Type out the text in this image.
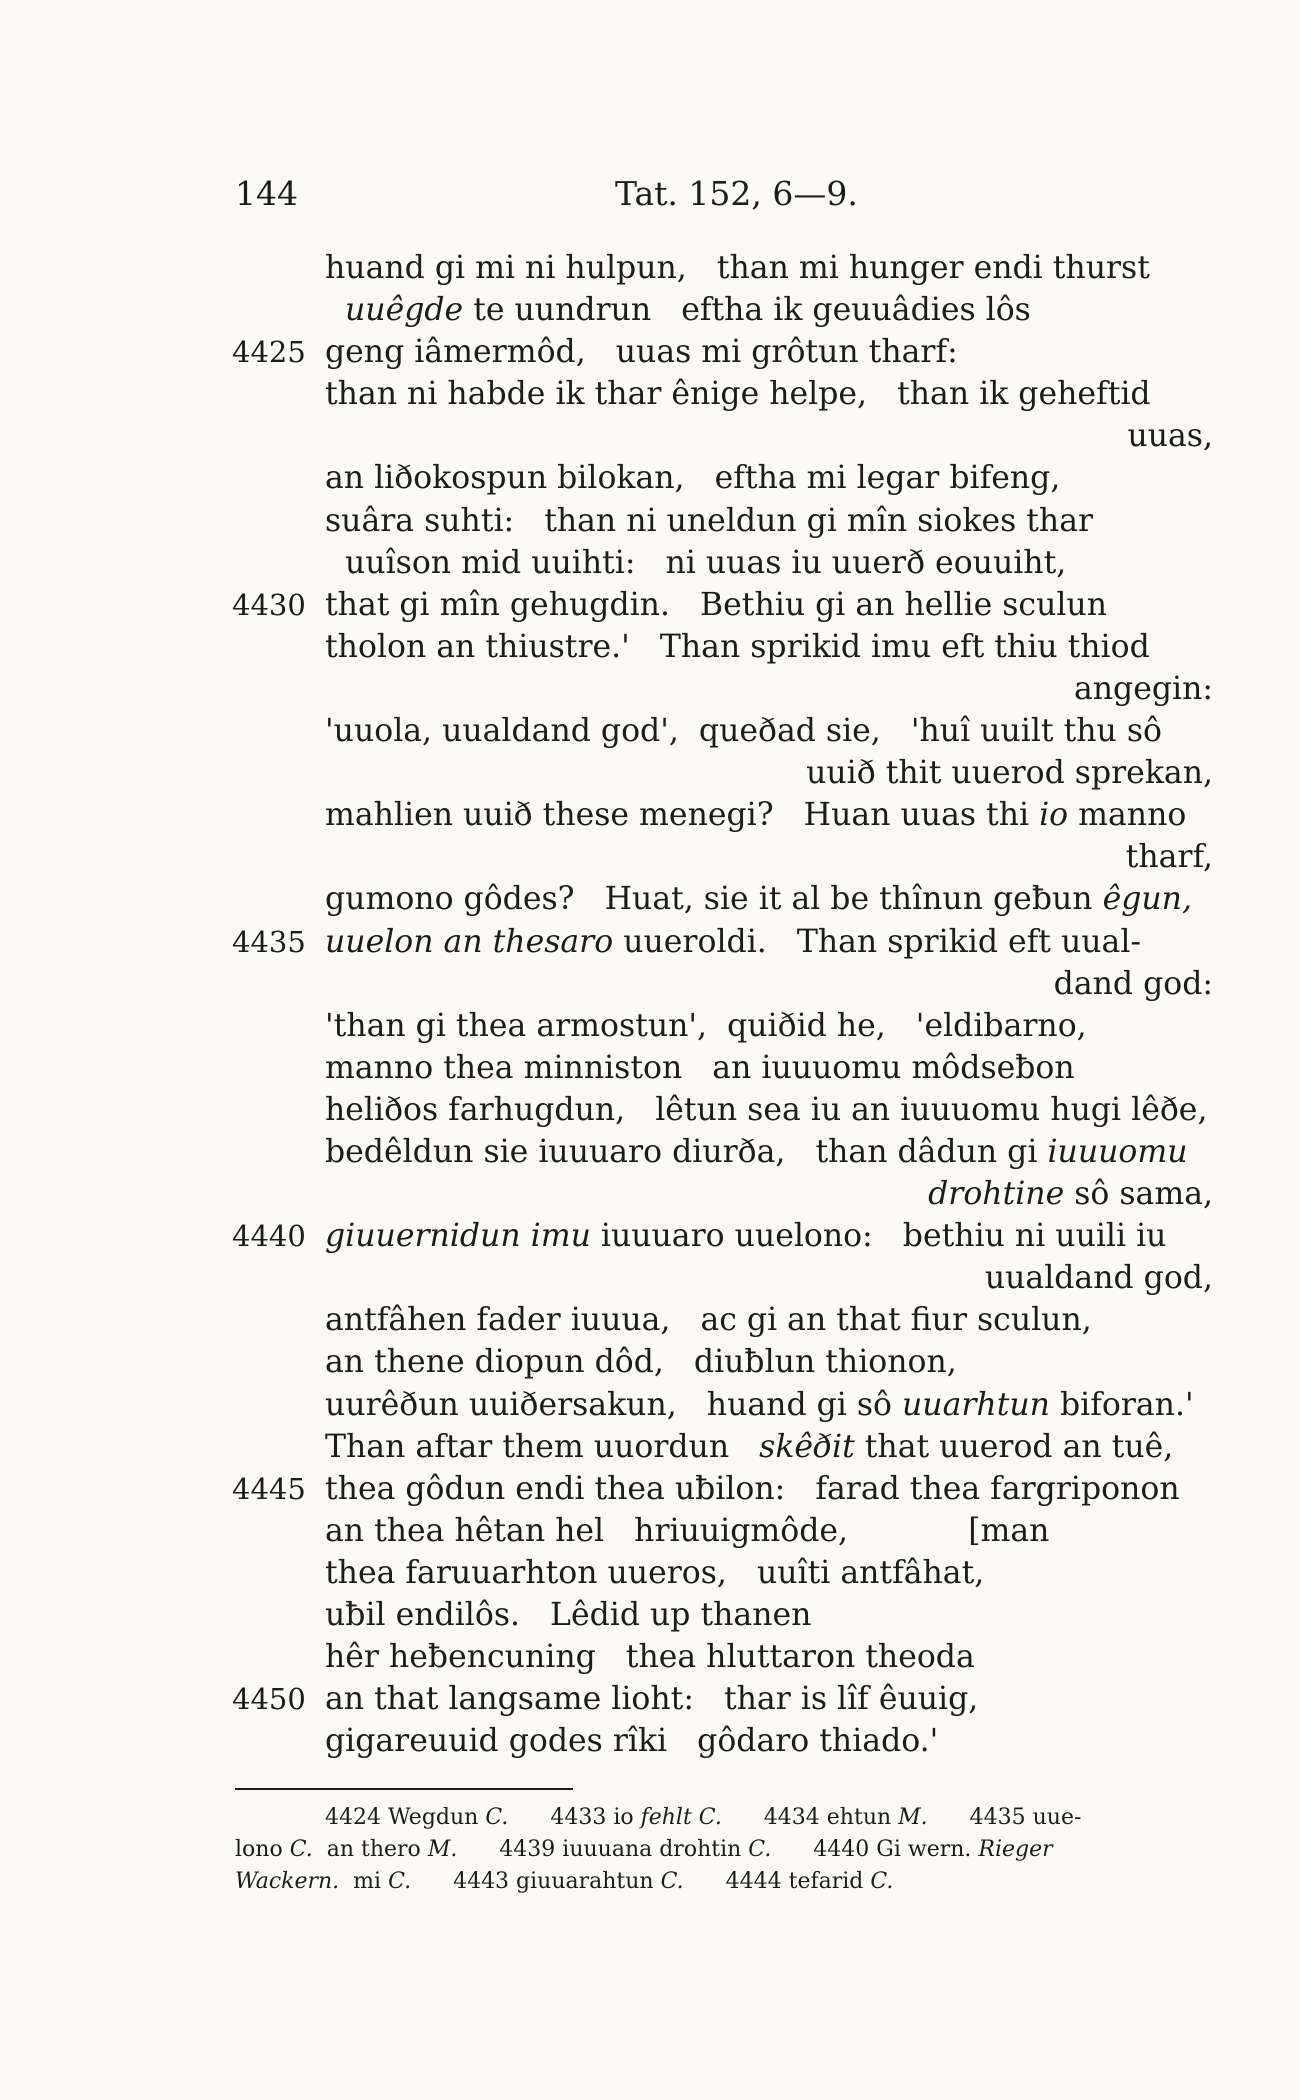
144	Tat. 152, 6—9.
huand gi mi ni hulpun,   than mi hunger endi thurst
uuêgde te uundrun   eftha ik geuuâdies lôs
4425 geng iâmermôd,   uuas mi grôtun tharf:
than ni habde ik thar ênige helpe,   than ik geheftid
uuas,
an liðokospun bilokan,   eftha mi legar bifeng,
suâra suhti:   than ni uneldun gi mîn siokes thar
uuîson mid uuihti:   ni uuas iu uuerð eouuiht,
4430 that gi mîn gehugdin.   Bethiu gi an hellie sculun
tholon an thiustre.'   Than sprikid imu eft thiu thiod
angegin:
'uuola, uualdand god',  queðad sie,   'huî uuilt thu sô
uuið thit uuerod sprekan,
mahlien uuið these menegi?   Huan uuas thi io manno
tharf,
gumono gôdes?   Huat, sie it al be thînun geƀun êgun,
4435 uuelon an thesaro uueroldi.   Than sprikid eft uual-
dand god:
'than gi thea armostun',  quiðid he,   'eldibarno,
manno thea minniston   an iuuuomu môdseƀon
heliðos farhugdun,   lêtun sea iu an iuuuomu hugi lêðe,
bedêldun sie iuuuaro diurða,   than dâdun gi iuuuomu
drohtine sô sama,
4440 giuuernidun imu iuuuaro uuelono:   bethiu ni uuili iu
uualdand god,
antfâhen fader iuuua,   ac gi an that fiur sculun,
an thene diopun dôd,   diuƀlun thionon,
uurêðun uuiðersakun,   huand gi sô uuarhtun biforan.'
Than aftar them uuordun   skêðit that uuerod an tuê,
4445 thea gôdun endi thea uƀilon:   farad thea fargriponon
an thea hêtan hel   hriuuigmôde,            [man
thea faruuarhton uueros,   uuîti antfâhat,
uƀil endilôs.   Lêdid up thanen
hêr heƀencuning   thea hluttaron theoda
4450 an that langsame lioht:   thar is lîf êuuig,
gigareuuid godes rîki   gôdaro thiado.'
4424 Wegdun C.      4433 io fehlt C.      4434 ehtun M.      4435 uue-
lono C.  an thero M.      4439 iuuuana drohtin C.      4440 Gi wern. Rieger
Wackern.  mi C.      4443 giuuarahtun C.      4444 tefarid C.
